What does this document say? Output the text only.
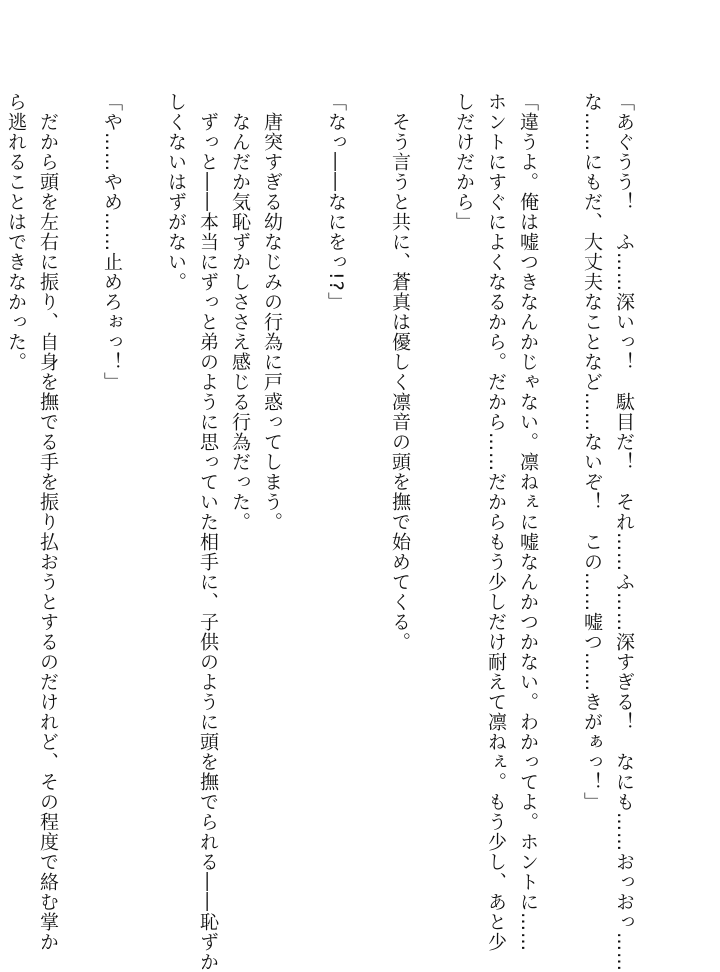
「あぐうう！　ふ……深いっ！　駄目だ！　それ……ふ……深すぎる！　なにも……おっおっ……
な……にもだ、大丈夫なことなど……ないぞ！　この……嘘つ……きがぁっ！」
「違うよ。俺は嘘つきなんかじゃない。凛ねぇに嘘なんかつかない。わかってよ。ホントに……
ホントにすぐによくなるから。だから……だからもう少しだけ耐えて凛ねぇ。もう少し、あと少
しだけだから」
　そう言うと共に、蒼真は優しく凛音の頭を撫で始めてくる。
「なっ――なにをっ!?」
　唐突すぎる幼なじみの行為に戸惑ってしまう。
　なんだか気恥ずかしささえ感じる行為だった。
　ずっと――本当にずっと弟のように思っていた相手に、子供のように頭を撫でられる――恥ずか
しくないはずがない。
「や……やめ……止めろぉっ！」
　だから頭を左右に振り、自身を撫でる手を振り払おうとするのだけれど、その程度で絡む掌か
ら逃れることはできなかった。
